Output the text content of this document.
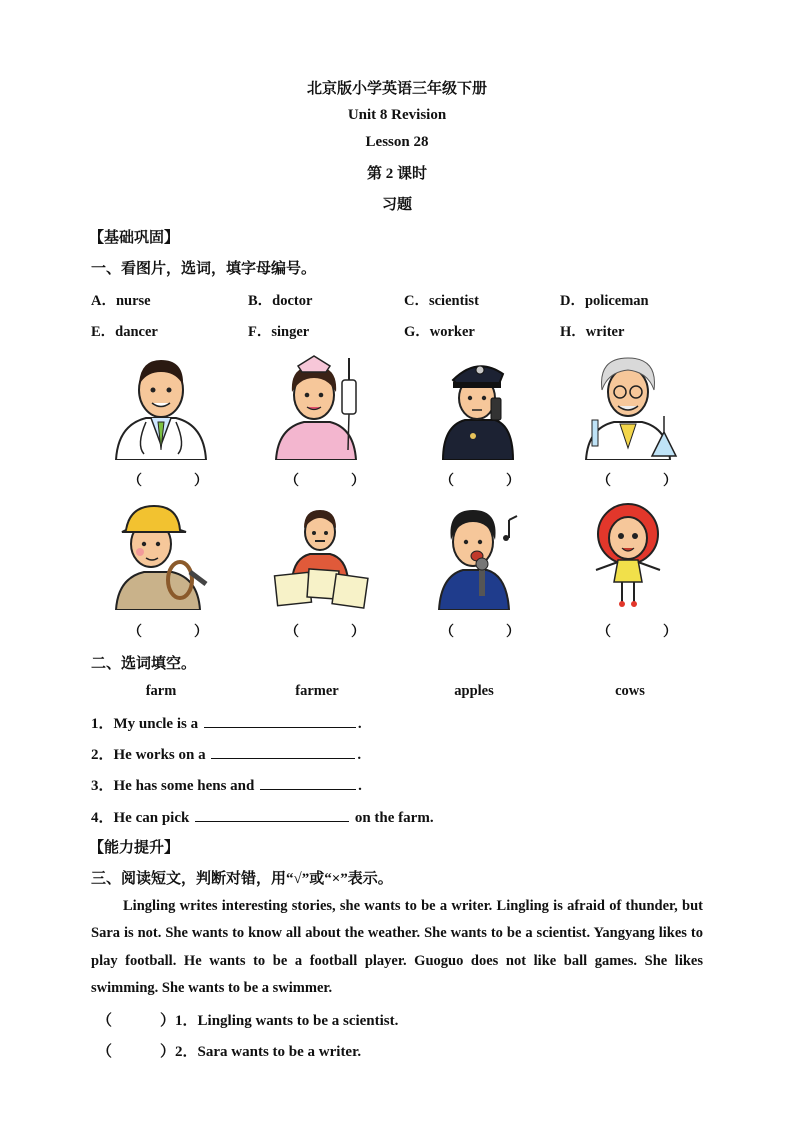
北京版小学英语三年级下册
Unit 8 Revision
Lesson 28
第 2 课时
习题
【基础巩固】
一、看图片，选词，填字母编号。
A．nurse	B．doctor	C．scientist	D．policeman
E．dancer	F．singer	G．worker	H．writer
（	）	（	）	（	）	（	）
（	）	（	）	（	）	（	）
二、选词填空。
farm	farmer	apples	cows
1．My uncle is a	.
2．He works on a	.
3．He has some hens and	.
4．He can pick	on the farm.
【能力提升】
三、阅读短文，判断对错，用“√”或“×”表示。
Lingling writes interesting stories, she wants to be a writer. Lingling is afraid of thunder, but Sara is not. She wants to know all about the weather. She wants to be a scientist. Yangyang likes to play football. He wants to be a football player. Guoguo does not like ball games. She likes swimming. She wants to be a swimmer.
（	）1．Lingling wants to be a scientist.
（	）2．Sara wants to be a writer.
